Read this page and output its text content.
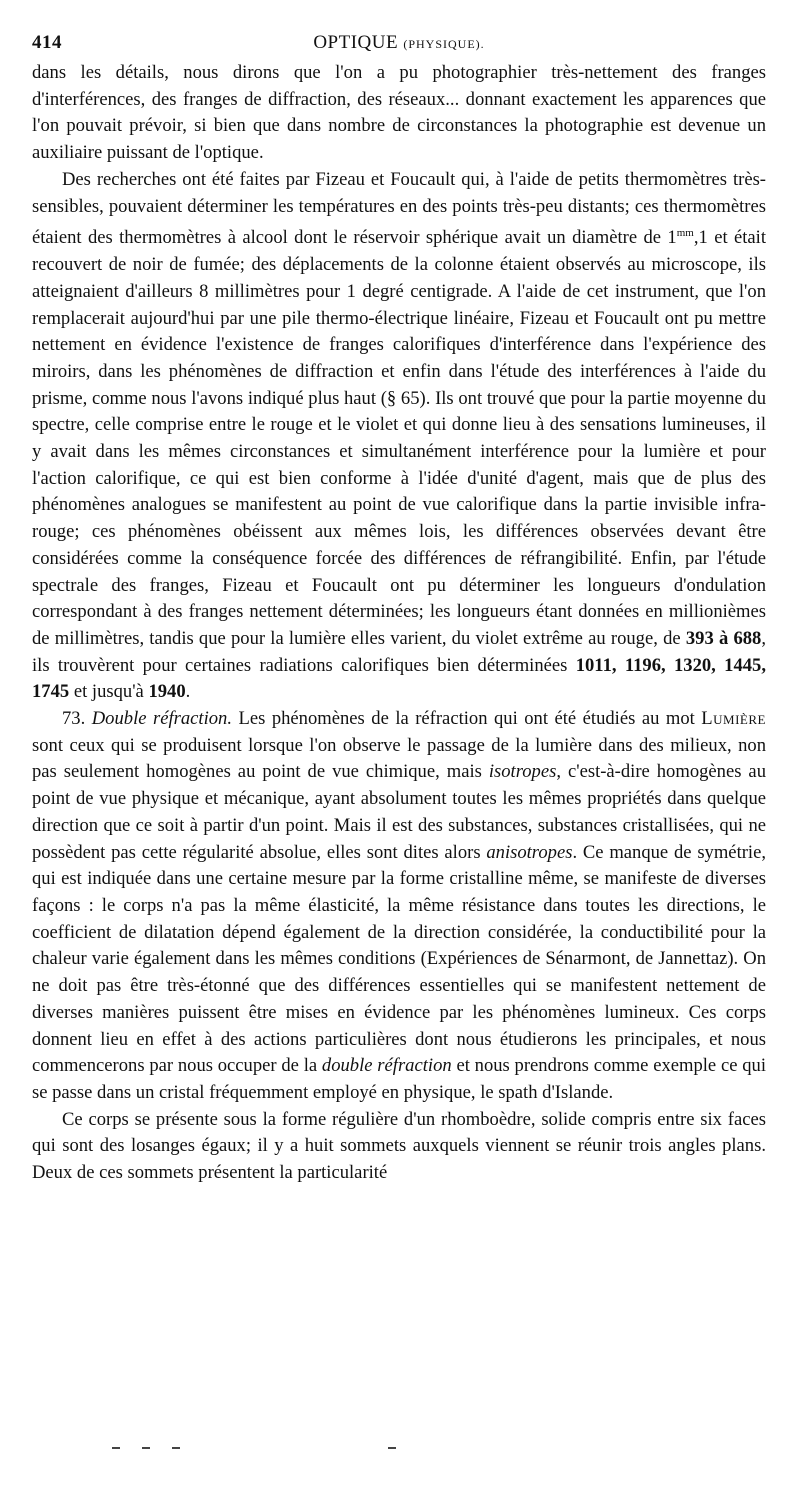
414	OPTIQUE (PHYSIQUE).

dans les détails, nous dirons que l'on a pu photographier très-nettement des franges d'interférences, des franges de diffraction, des réseaux... donnant exactement les apparences que l'on pouvait prévoir, si bien que dans nombre de circonstances la photographie est devenue un auxiliaire puissant de l'optique.

Des recherches ont été faites par Fizeau et Foucault qui, à l'aide de petits thermomètres très-sensibles, pouvaient déterminer les températures en des points très-peu distants; ces thermomètres étaient des thermomètres à alcool dont le réservoir sphérique avait un diamètre de $1^{mm},1$ et était recouvert de noir de fumée; des déplacements de la colonne étaient observés au microscope, ils atteignaient d'ailleurs 8 millimètres pour 1 degré centigrade. A l'aide de cet instrument, que l'on remplacerait aujourd'hui par une pile thermo-électrique linéaire, Fizeau et Foucault ont pu mettre nettement en évidence l'existence de franges calorifiques d'interférence dans l'expérience des miroirs, dans les phénomènes de diffraction et enfin dans l'étude des interférences à l'aide du prisme, comme nous l'avons indiqué plus haut (§ 65). Ils ont trouvé que pour la partie moyenne du spectre, celle comprise entre le rouge et le violet et qui donne lieu à des sensations lumineuses, il y avait dans les mêmes circonstances et simultanément interférence pour la lumière et pour l'action calorifique, ce qui est bien conforme à l'idée d'unité d'agent, mais que de plus des phénomènes analogues se manifestent au point de vue calorifique dans la partie invisible infra-rouge; ces phénomènes obéissent aux mêmes lois, les différences observées devant être considérées comme la conséquence forcée des différences de réfrangibilité. Enfin, par l'étude spectrale des franges, Fizeau et Foucault ont pu déterminer les longueurs d'ondulation correspondant à des franges nettement déterminées; les longueurs étant données en millionièmes de millimètres, tandis que pour la lumière elles varient, du violet extrême au rouge, de 393 à 688, ils trouvèrent pour certaines radiations calorifiques bien déterminées 1011, 1196, 1320, 1445, 1745 et jusqu'à 1940.

73. Double réfraction. Les phénomènes de la réfraction qui ont été étudiés au mot Lumière sont ceux qui se produisent lorsque l'on observe le passage de la lumière dans des milieux, non pas seulement homogènes au point de vue chimique, mais isotropes, c'est-à-dire homogènes au point de vue physique et mécanique, ayant absolument toutes les mêmes propriétés dans quelque direction que ce soit à partir d'un point. Mais il est des substances, substances cristallisées, qui ne possèdent pas cette régularité absolue, elles sont dites alors anisotropes. Ce manque de symétrie, qui est indiquée dans une certaine mesure par la forme cristalline même, se manifeste de diverses façons : le corps n'a pas la même élasticité, la même résistance dans toutes les directions, le coefficient de dilatation dépend également de la direction considérée, la conductibilité pour la chaleur varie également dans les mêmes conditions (Expériences de Sénarmont, de Jannettaz). On ne doit pas être très-étonné que des différences essentielles qui se manifestent nettement de diverses manières puissent être mises en évidence par les phénomènes lumineux. Ces corps donnent lieu en effet à des actions particulières dont nous étudierons les principales, et nous commencerons par nous occuper de la double réfraction et nous prendrons comme exemple ce qui se passe dans un cristal fréquemment employé en physique, le spath d'Islande.

Ce corps se présente sous la forme régulière d'un rhomboèdre, solide compris entre six faces qui sont des losanges égaux; il y a huit sommets auxquels viennent se réunir trois angles plans. Deux de ces sommets présentent la particularité
